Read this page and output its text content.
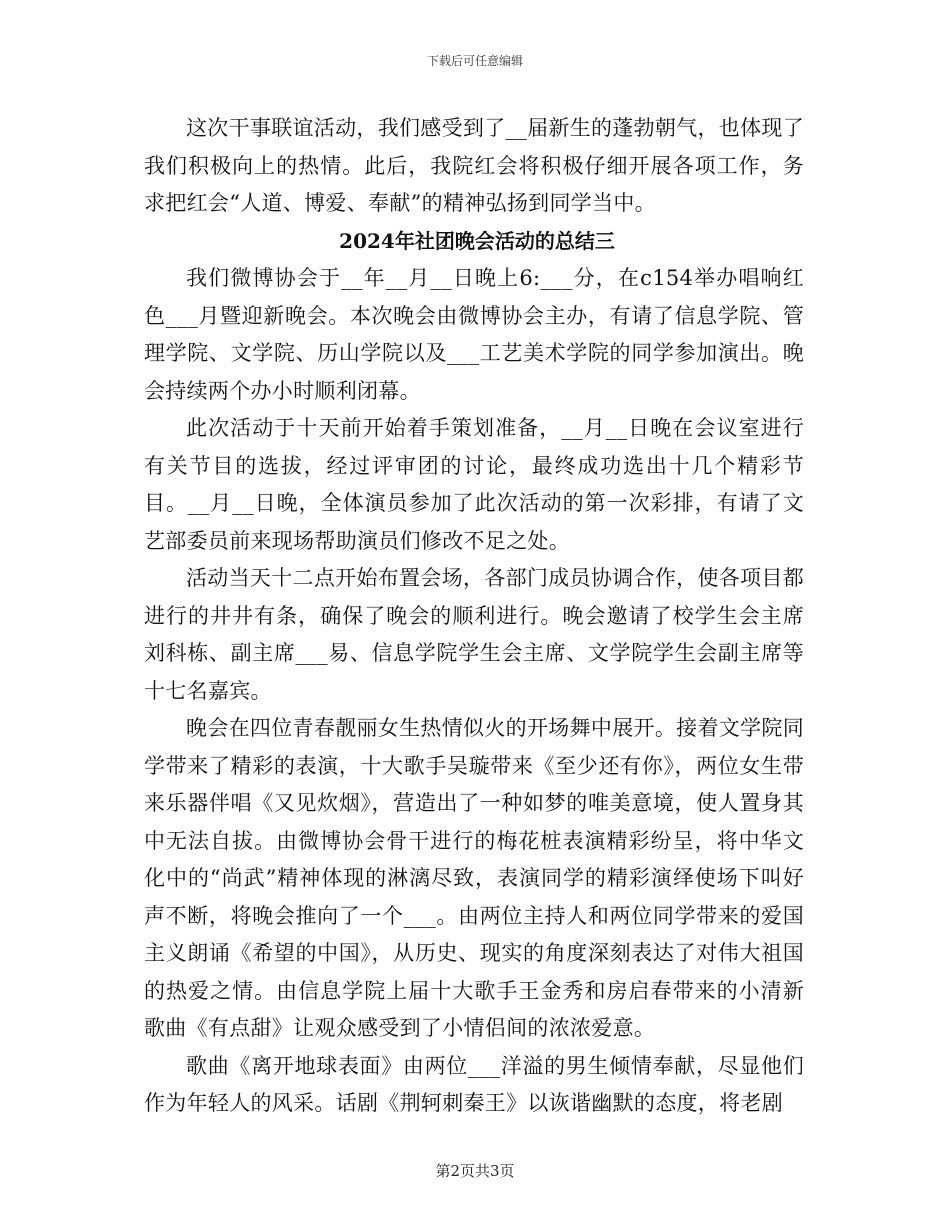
下载后可任意编辑

这次干事联谊活动，我们感受到了__届新生的蓬勃朝气，也体现了我们积极向上的热情。此后，我院红会将积极仔细开展各项工作，务求把红会“人道、博爱、奉献”的精神弘扬到同学当中。

2024年社团晚会活动的总结三

我们微博协会于__年__月__日晚上6:___分，在c154举办唱响红色___月暨迎新晚会。本次晚会由微博协会主办，有请了信息学院、管理学院、文学院、历山学院以及___工艺美术学院的同学参加演出。晚会持续两个办小时顺利闭幕。

此次活动于十天前开始着手策划准备，__月__日晚在会议室进行有关节目的选拔，经过评审团的讨论，最终成功选出十几个精彩节目。__月__日晚，全体演员参加了此次活动的第一次彩排，有请了文艺部委员前来现场帮助演员们修改不足之处。

活动当天十二点开始布置会场，各部门成员协调合作，使各项目都进行的井井有条，确保了晚会的顺利进行。晚会邀请了校学生会主席刘科栋、副主席___易、信息学院学生会主席、文学院学生会副主席等十七名嘉宾。

晚会在四位青春靓丽女生热情似火的开场舞中展开。接着文学院同学带来了精彩的表演，十大歌手吴璇带来《至少还有你》，两位女生带来乐器伴唱《又见炊烟》，营造出了一种如梦的唯美意境，使人置身其中无法自拔。由微博协会骨干进行的梅花桩表演精彩纷呈，将中华文化中的“尚武”精神体现的淋漓尽致，表演同学的精彩演绎使场下叫好声不断，将晚会推向了一个___。由两位主持人和两位同学带来的爱国主义朗诵《希望的中国》，从历史、现实的角度深刻表达了对伟大祖国的热爱之情。由信息学院上届十大歌手王金秀和房启春带来的小清新歌曲《有点甜》让观众感受到了小情侣间的浓浓爱意。

歌曲《离开地球表面》由两位___洋溢的男生倾情奉献，尽显他们作为年轻人的风采。话剧《荆轲刺秦王》以诙谐幽默的态度，将老剧

第2页共3页
